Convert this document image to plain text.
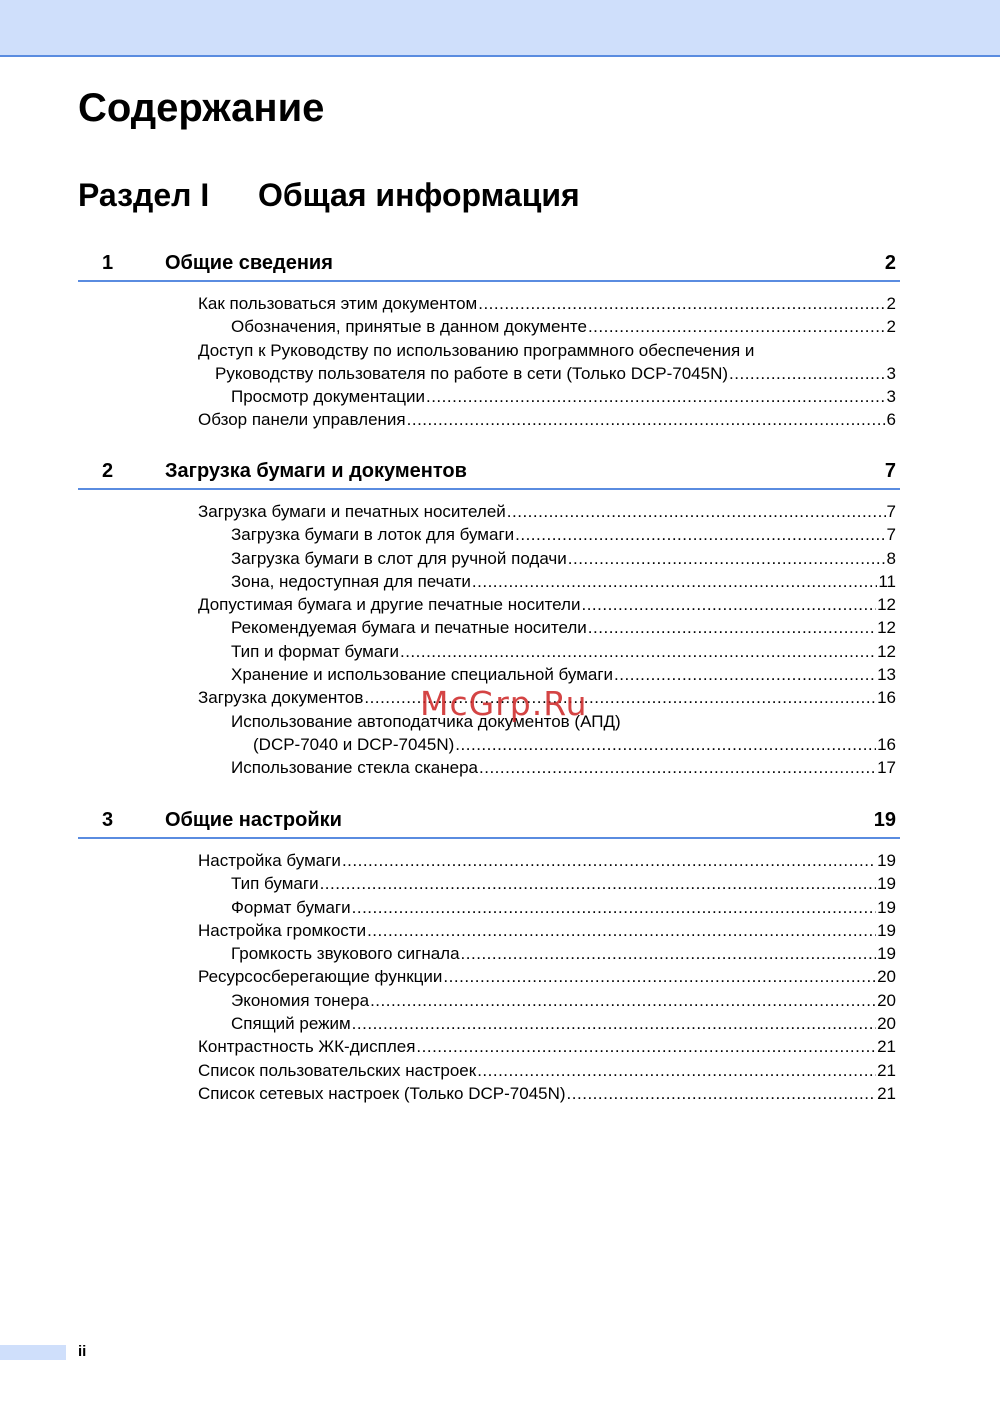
Содержание
Раздел I Общая информация
1	Общие сведения	2
Как пользоваться этим документом .....	2
Обозначения, принятые в данном документе .....	2
Доступ к Руководству по использованию программного обеспечения и
Руководству пользователя по работе в сети (Только DCP-7045N) .....	3
Просмотр документации .....	3
Обзор панели управления .....	6
2	Загрузка бумаги и документов	7
Загрузка бумаги и печатных носителей .....	7
Загрузка бумаги в лоток для бумаги .....	7
Загрузка бумаги в слот для ручной подачи .....	8
Зона, недоступная для печати .....	11
Допустимая бумага и другие печатные носители .....	12
Рекомендуемая бумага и печатные носители .....	12
Тип и формат бумаги .....	12
Хранение и использование специальной бумаги .....	13
Загрузка документов .....	16
Использование автоподатчика документов (АПД)
(DCP-7040 и DCP-7045N) .....	16
Использование стекла сканера .....	17
3	Общие настройки	19
Настройка бумаги .....	19
Тип бумаги .....	19
Формат бумаги .....	19
Настройка громкости .....	19
Громкость звукового сигнала .....	19
Ресурсосберегающие функции .....	20
Экономия тонера .....	20
Спящий режим .....	20
Контрастность ЖК-дисплея .....	21
Список пользовательских настроек .....	21
Список сетевых настроек (Только DCP-7045N) .....	21
McGrp.Ru
ii
